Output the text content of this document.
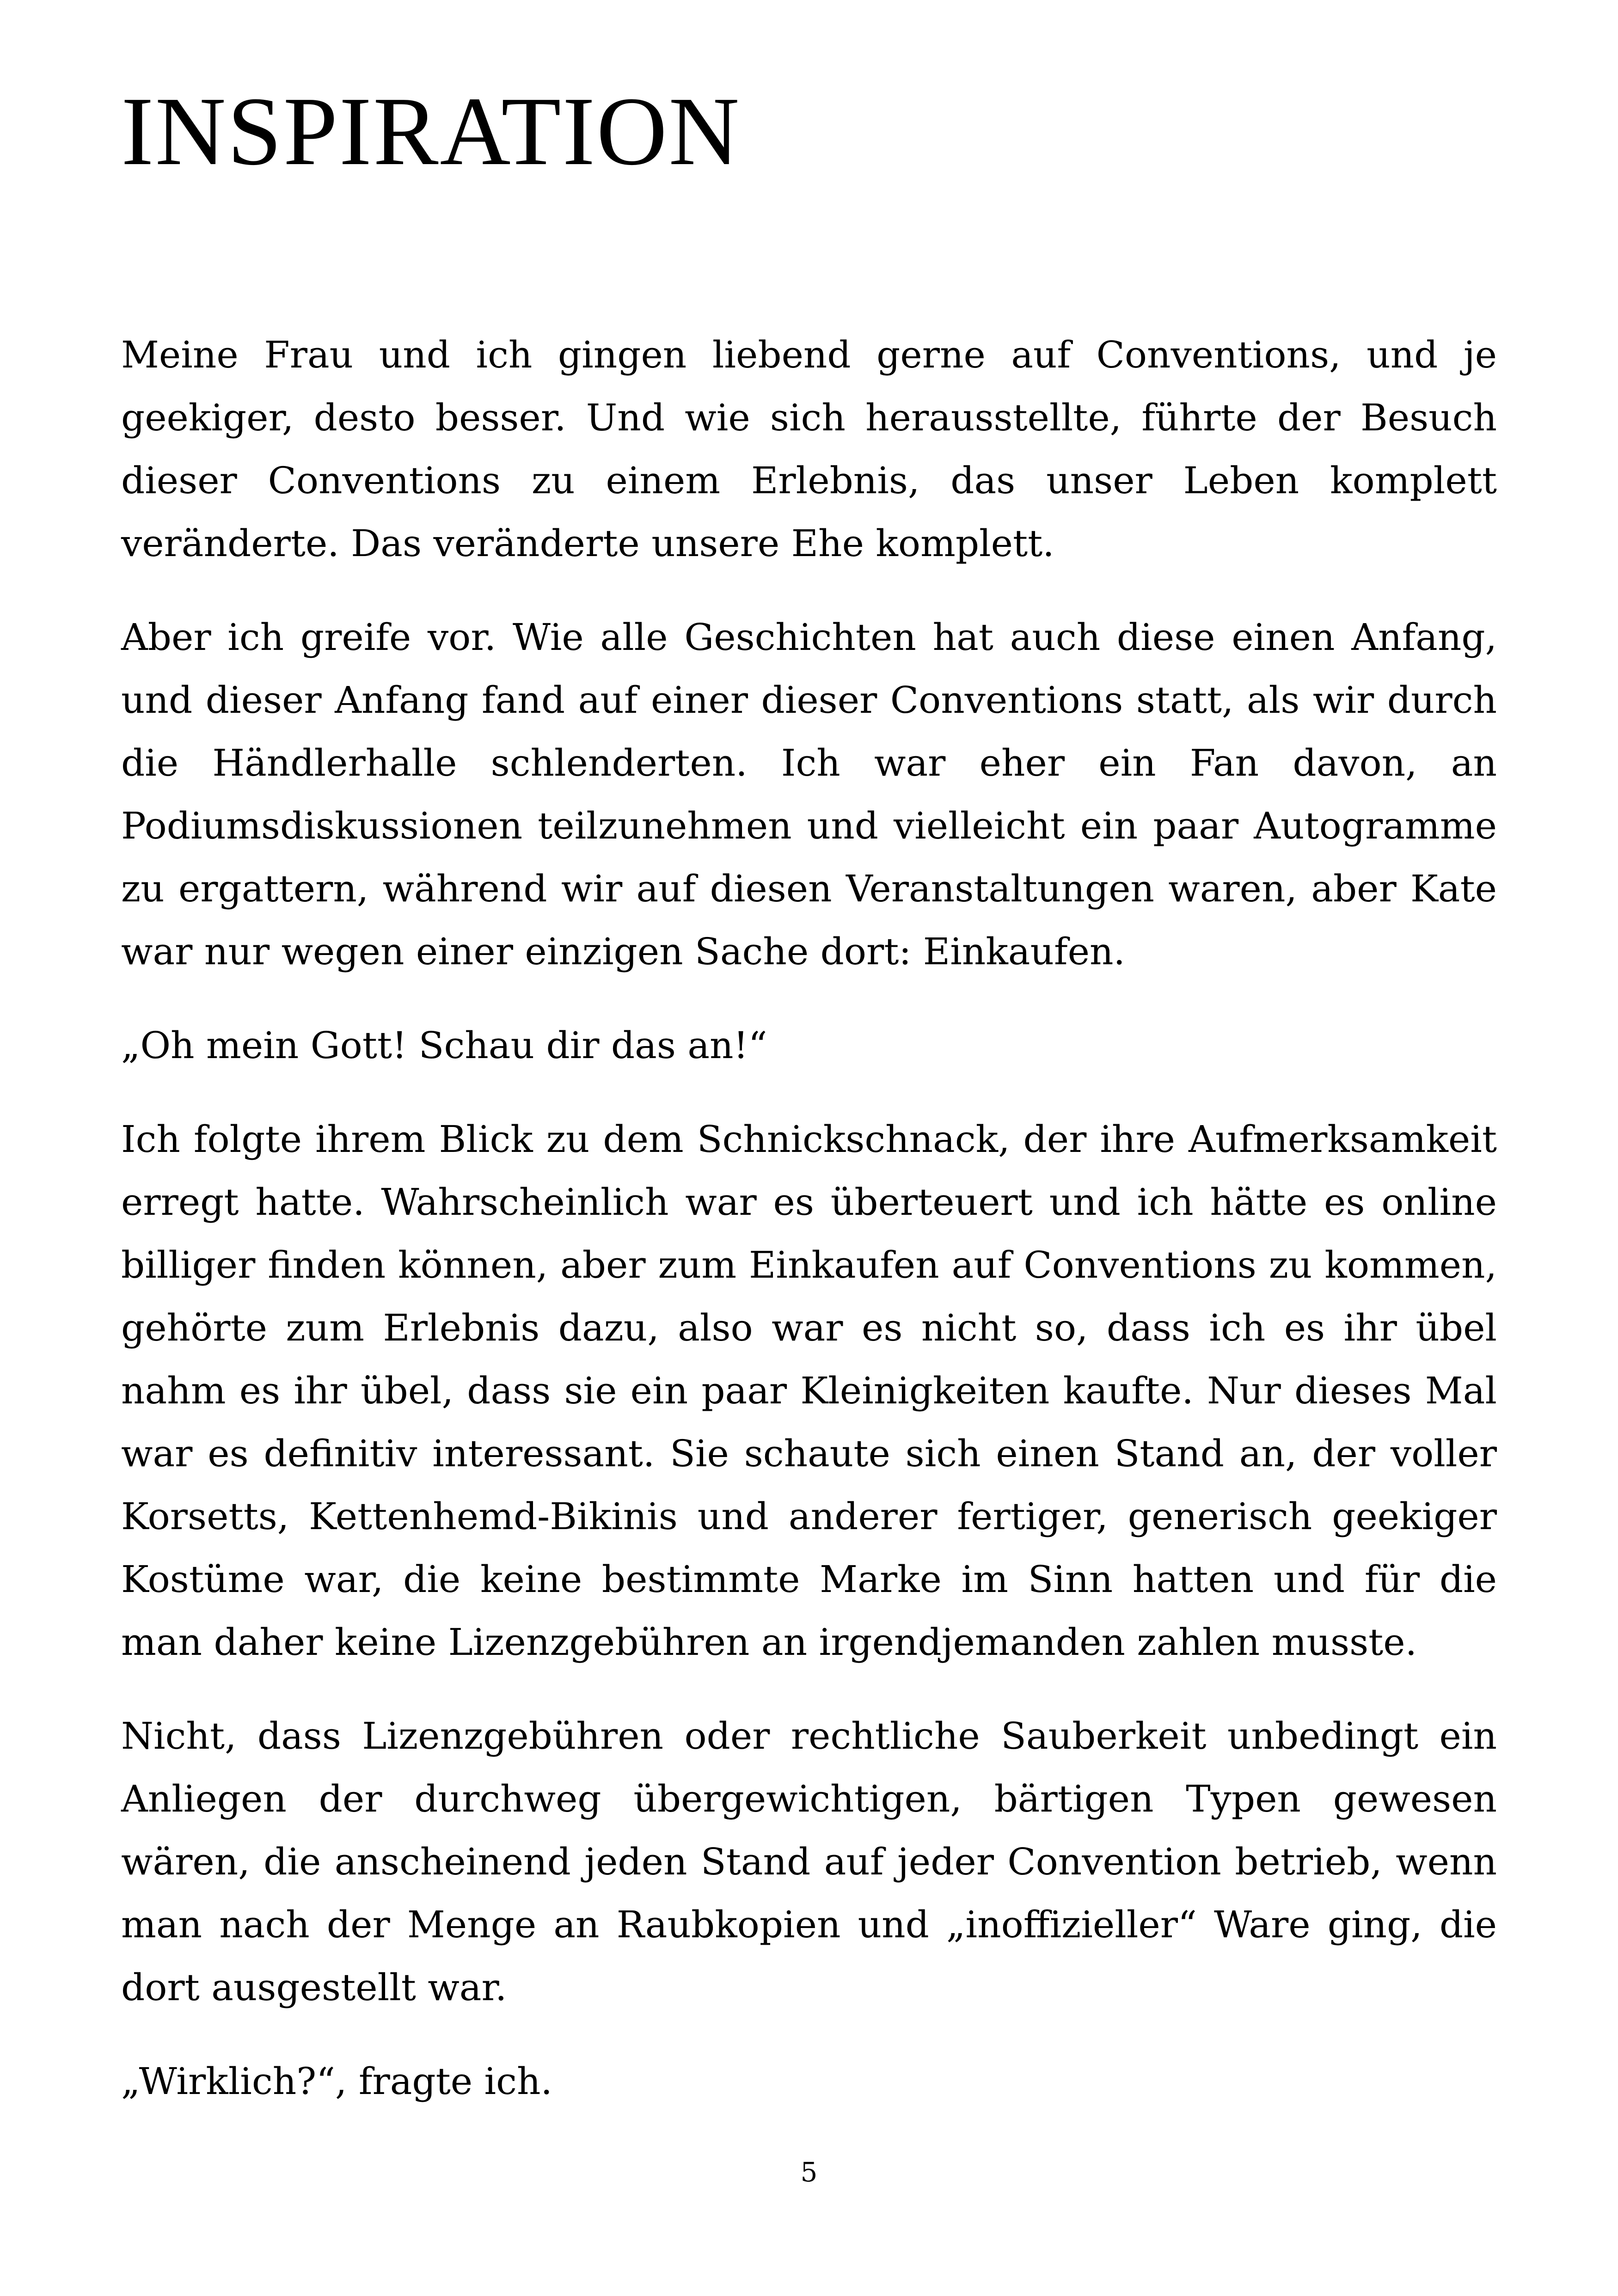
INSPIRATION

Meine Frau und ich gingen liebend gerne auf Conventions, und je geekiger, desto besser. Und wie sich herausstellte, führte der Besuch dieser Conventions zu einem Erlebnis, das unser Leben komplett veränderte. Das veränderte unsere Ehe komplett.

Aber ich greife vor. Wie alle Geschichten hat auch diese einen Anfang, und dieser Anfang fand auf einer dieser Conventions statt, als wir durch die Händlerhalle schlenderten. Ich war eher ein Fan davon, an Podiumsdiskussionen teilzunehmen und vielleicht ein paar Autogramme zu ergattern, während wir auf diesen Veranstaltungen waren, aber Kate war nur wegen einer einzigen Sache dort: Einkaufen.

„Oh mein Gott! Schau dir das an!“

Ich folgte ihrem Blick zu dem Schnickschnack, der ihre Aufmerksamkeit erregt hatte. Wahrscheinlich war es überteuert und ich hätte es online billiger finden können, aber zum Einkaufen auf Conventions zu kommen, gehörte zum Erlebnis dazu, also war es nicht so, dass ich es ihr übel nahm es ihr übel, dass sie ein paar Kleinigkeiten kaufte. Nur dieses Mal war es definitiv interessant. Sie schaute sich einen Stand an, der voller Korsetts, Kettenhemd-Bikinis und anderer fertiger, generisch geekiger Kostüme war, die keine bestimmte Marke im Sinn hatten und für die man daher keine Lizenzgebühren an irgendjemanden zahlen musste.

Nicht, dass Lizenzgebühren oder rechtliche Sauberkeit unbedingt ein Anliegen der durchweg übergewichtigen, bärtigen Typen gewesen wären, die anscheinend jeden Stand auf jeder Convention betrieb, wenn man nach der Menge an Raubkopien und „inoffizieller“ Ware ging, die dort ausgestellt war.

„Wirklich?“, fragte ich.

5
